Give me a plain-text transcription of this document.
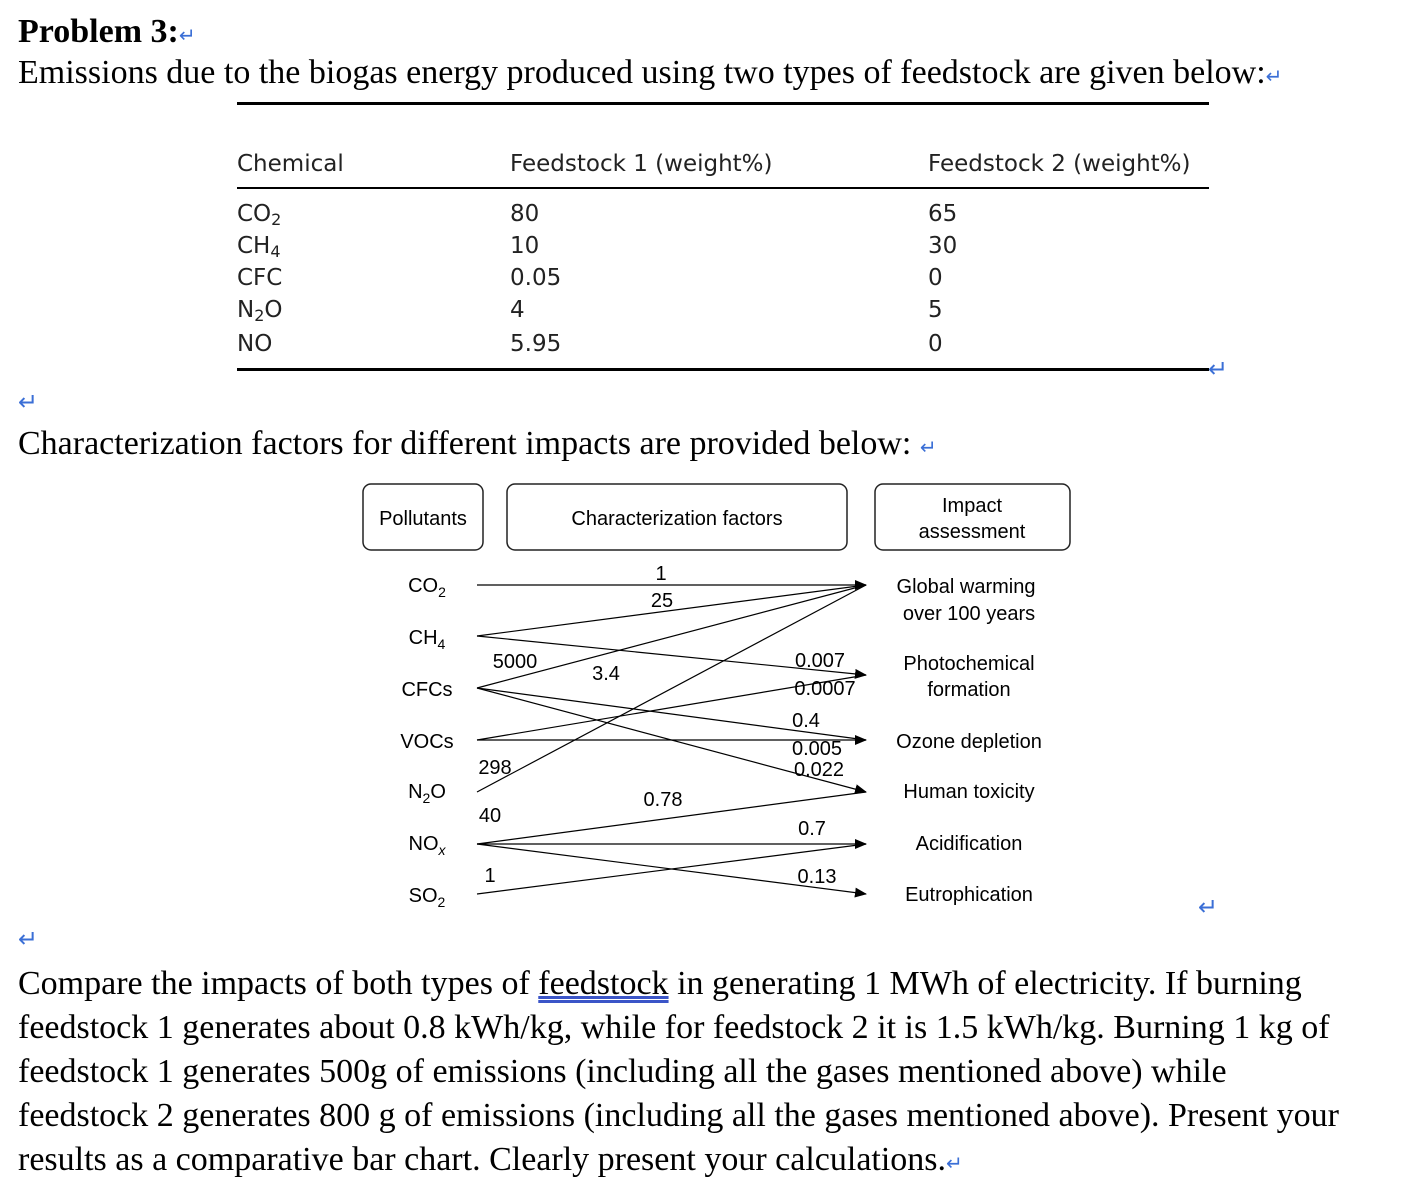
Problem 3:↵
Emissions due to the biogas energy produced using two types of feedstock are given below:↵
Chemical	Feedstock 1 (weight%)	Feedstock 2 (weight%)
$CO_2$	80	65
$CH_4$	10	30
CFC	0.05	0
$N_2O$	4	5
NO	5.95	0
↵
↵
Characterization factors for different impacts are provided below: ↵
Pollutants	Characterization factors
Impact
assessment
$CO_2$
$CH_4$
CFCs
VOCs
$N_2O$
$NO_x$
$SO_2$
Global warming
over 100 years
Photochemical
formation
Ozone depletion
Human toxicity
Acidification
Eutrophication
1
25
5000
3.4
0.007
0.0007
0.4
0.005
0.022
298
0.78
40
0.7
1	0.13
↵
↵
Compare the impacts of both types of feedstock in generating 1 MWh of electricity. If burning
feedstock 1 generates about 0.8 kWh/kg, while for feedstock 2 it is 1.5 kWh/kg. Burning 1 kg of
feedstock 1 generates 500g of emissions (including all the gases mentioned above) while
feedstock 2 generates 800 g of emissions (including all the gases mentioned above). Present your
results as a comparative bar chart. Clearly present your calculations.↵
